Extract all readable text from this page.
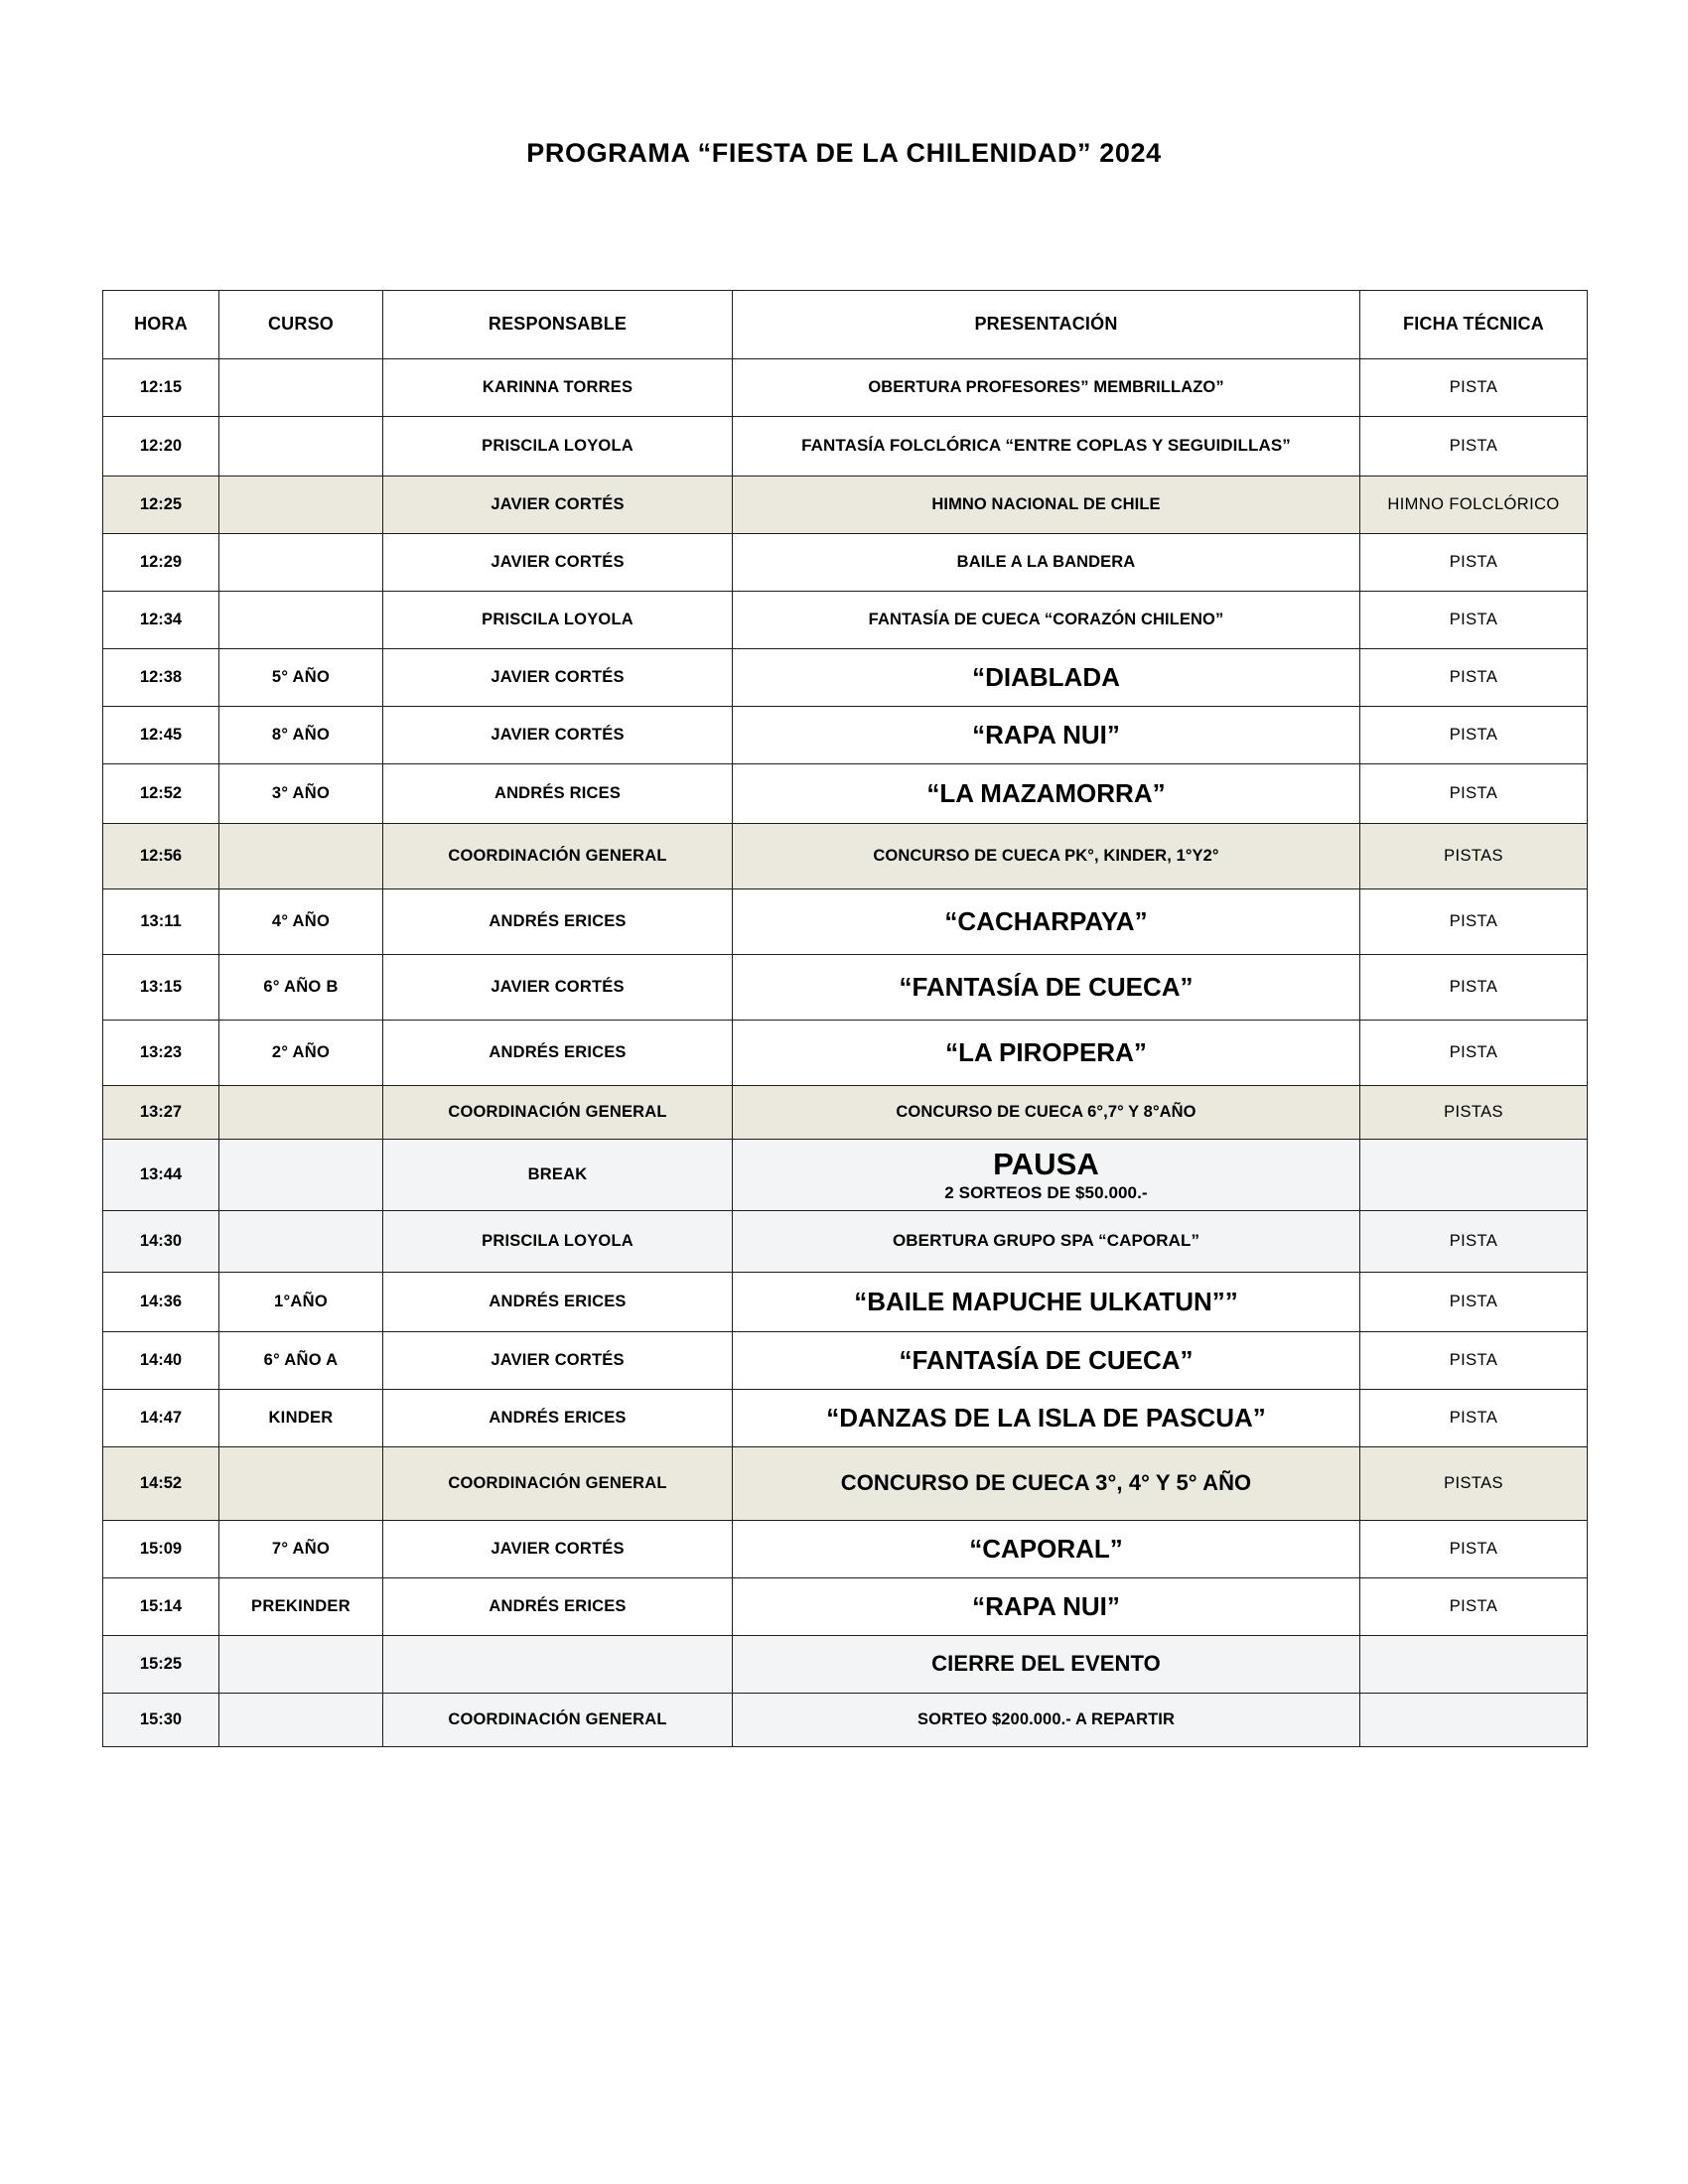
PROGRAMA “FIESTA DE LA CHILENIDAD” 2024
HORA	CURSO	RESPONSABLE	PRESENTACIÓN	FICHA TÉCNICA
12:15		KARINNA TORRES	OBERTURA PROFESORES” MEMBRILLAZO”	PISTA
12:20		PRISCILA LOYOLA	FANTASÍA FOLCLÓRICA “ENTRE COPLAS Y SEGUIDILLAS”	PISTA
12:25		JAVIER CORTÉS	HIMNO NACIONAL DE CHILE	HIMNO FOLCLÓRICO
12:29		JAVIER CORTÉS	BAILE A LA BANDERA	PISTA
12:34		PRISCILA LOYOLA	FANTASÍA DE CUECA “CORAZÓN CHILENO”	PISTA
12:38	5° AÑO	JAVIER CORTÉS	“DIABLADA	PISTA
12:45	8° AÑO	JAVIER CORTÉS	“RAPA NUI”	PISTA
12:52	3° AÑO	ANDRÉS RICES	“LA MAZAMORRA”	PISTA
12:56		COORDINACIÓN GENERAL	CONCURSO DE CUECA PK°, KINDER, 1°Y2°	PISTAS
13:11	4° AÑO	ANDRÉS ERICES	“CACHARPAYA”	PISTA
13:15	6° AÑO B	JAVIER CORTÉS	“FANTASÍA DE CUECA”	PISTA
13:23	2° AÑO	ANDRÉS ERICES	“LA PIROPERA”	PISTA
13:27		COORDINACIÓN GENERAL	CONCURSO DE CUECA 6°,7° Y 8°AÑO	PISTAS
13:44		BREAK	PAUSA
2 SORTEOS DE $50.000.-	

14:30		PRISCILA LOYOLA	OBERTURA GRUPO SPA “CAPORAL”	PISTA
14:36	1°AÑO	ANDRÉS ERICES	“BAILE MAPUCHE ULKATUN””	PISTA
14:40	6° AÑO A	JAVIER CORTÉS	“FANTASÍA DE CUECA”	PISTA
14:47	KINDER	ANDRÉS ERICES	“DANZAS DE LA ISLA DE PASCUA”	PISTA
14:52		COORDINACIÓN GENERAL	CONCURSO DE CUECA 3°, 4° Y 5° AÑO	PISTAS
15:09	7° AÑO	JAVIER CORTÉS	“CAPORAL”	PISTA
15:14	PREKINDER	ANDRÉS ERICES	“RAPA NUI”	PISTA
15:25			CIERRE DEL EVENTO	
15:30		COORDINACIÓN GENERAL	SORTEO $200.000.- A REPARTIR	
